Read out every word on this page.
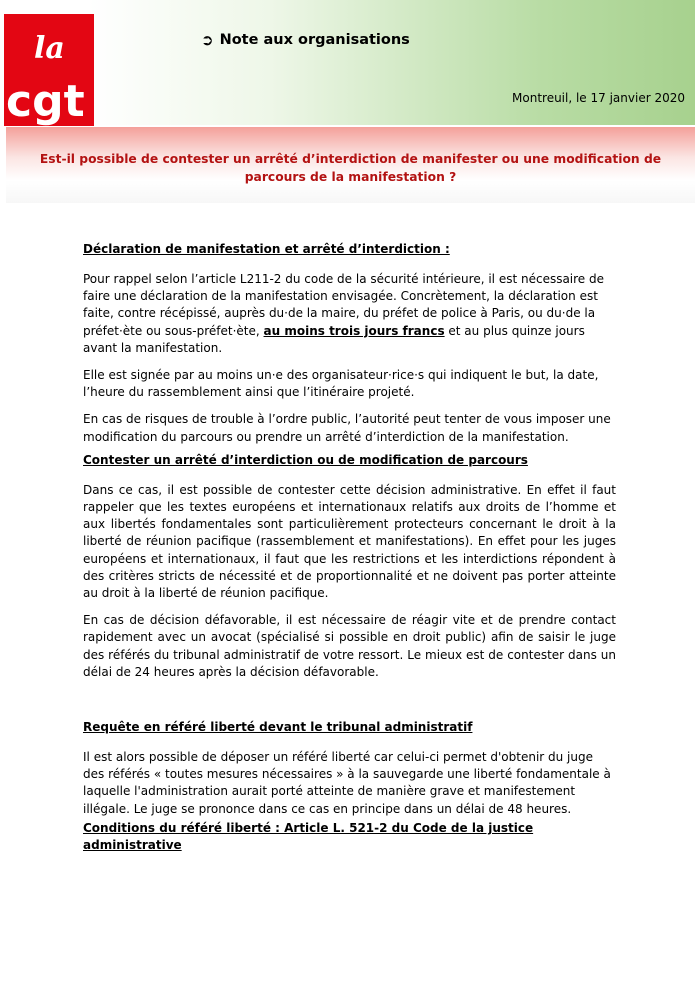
la
cgt
➲ Note aux organisations
Montreuil, le 17 janvier 2020
Est-il possible de contester un arrêté d’interdiction de manifester ou une modification de parcours de la manifestation ?
Déclaration de manifestation et arrêté d’interdiction :

Pour rappel selon l’article L211-2 du code de la sécurité intérieure, il est nécessaire de faire une déclaration de la manifestation envisagée. Concrètement, la déclaration est faite, contre récépissé, auprès du·de la maire, du préfet de police à Paris, ou du·de la préfet·ète ou sous-préfet·ète, au moins trois jours francs et au plus quinze jours avant la manifestation.

Elle est signée par au moins un·e des organisateur·rice·s qui indiquent le but, la date, l’heure du rassemblement ainsi que l’itinéraire projeté.

En cas de risques de trouble à l’ordre public, l’autorité peut tenter de vous imposer une modification du parcours ou prendre un arrêté d’interdiction de la manifestation.

Contester un arrêté d’interdiction ou de modification de parcours

Dans ce cas, il est possible de contester cette décision administrative. En effet il faut rappeler que les textes européens et internationaux relatifs aux droits de l’homme et aux libertés fondamentales sont particulièrement protecteurs concernant le droit à la liberté de réunion pacifique (rassemblement et manifestations). En effet pour les juges européens et internationaux, il faut que les restrictions et les interdictions répondent à des critères stricts de nécessité et de proportionnalité et ne doivent pas porter atteinte au droit à la liberté de réunion pacifique.

En cas de décision défavorable, il est nécessaire de réagir vite et de prendre contact rapidement avec un avocat (spécialisé si possible en droit public) afin de saisir le juge des référés du tribunal administratif de votre ressort. Le mieux est de contester dans un délai de 24 heures après la décision défavorable.

Requête en référé liberté devant le tribunal administratif

Il est alors possible de déposer un référé liberté car celui-ci permet d'obtenir du juge des référés « toutes mesures nécessaires » à la sauvegarde une liberté fondamentale à laquelle l'administration aurait porté atteinte de manière grave et manifestement illégale. Le juge se prononce dans ce cas en principe dans un délai de 48 heures.

Conditions du référé liberté : Article L. 521-2 du Code de la justice administrative
